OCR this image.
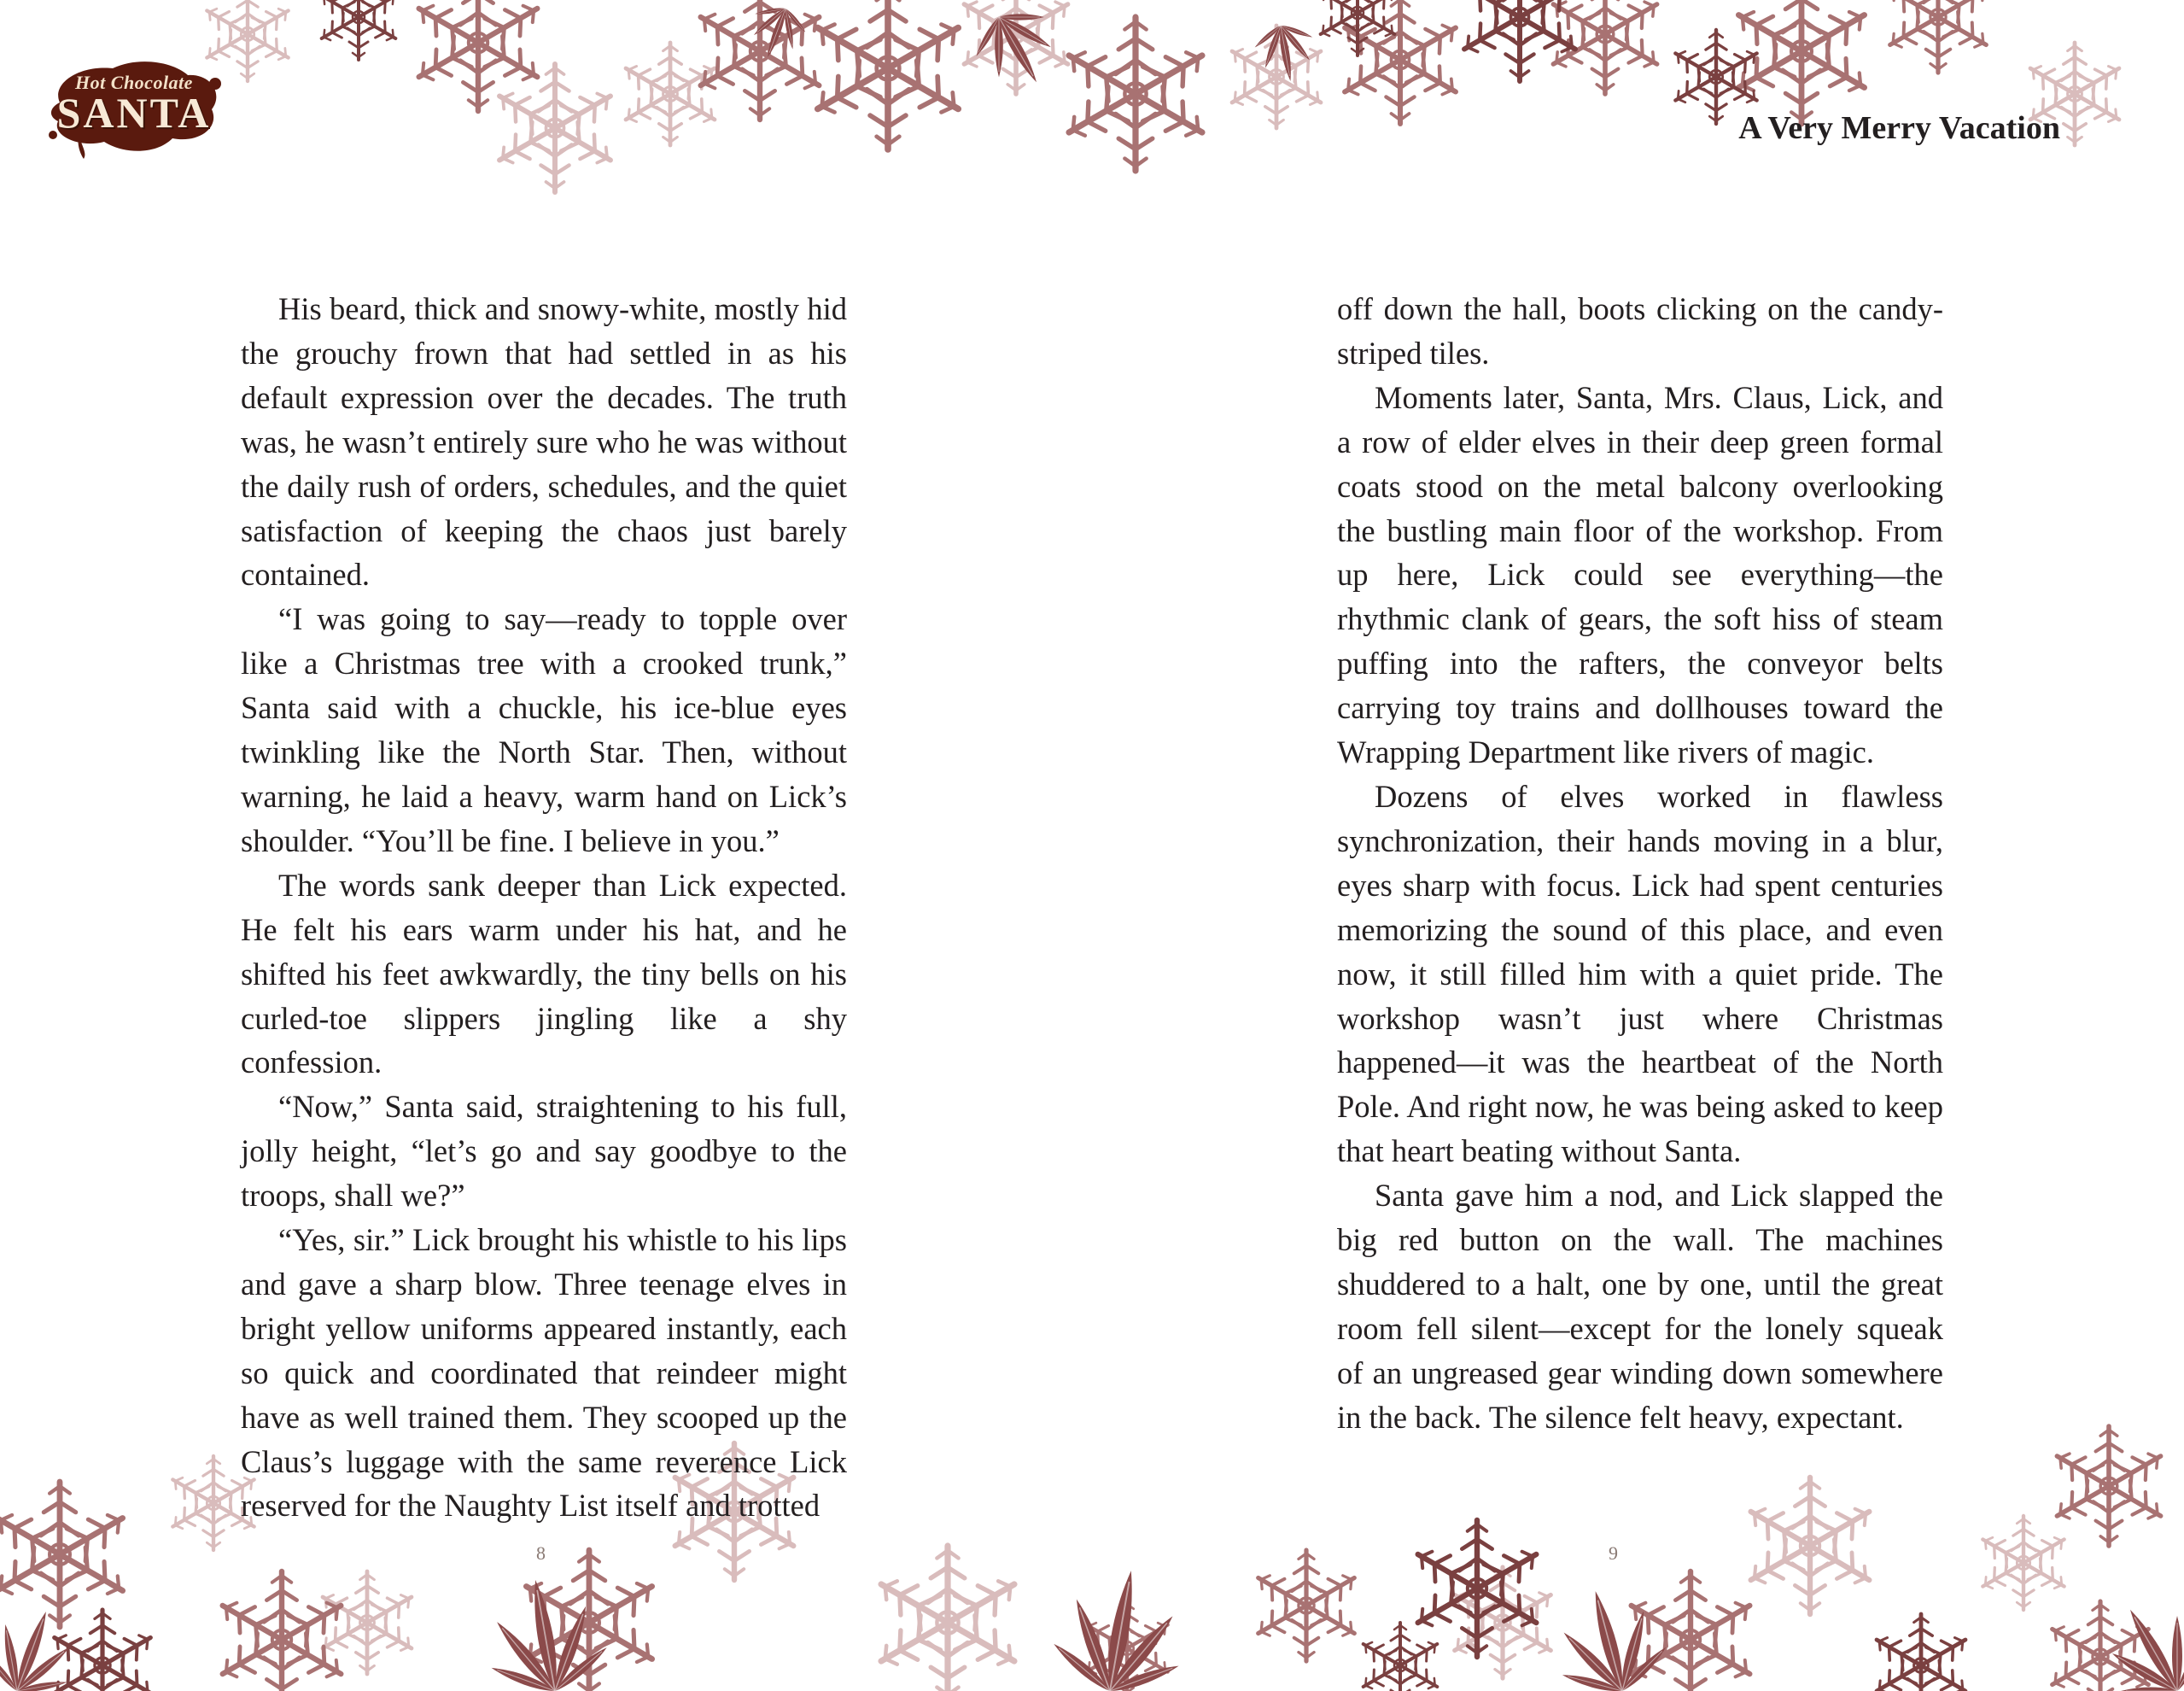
Hot Chocolate
SANTA	A Very Merry Vacation

His beard, thick and snowy-white, mostly hid the grouchy frown that had settled in as his default expression over the decades. The truth was, he wasn’t entirely sure who he was without the daily rush of orders, schedules, and the quiet satisfaction of keeping the chaos just barely contained.

“I was going to say—ready to topple over like a Christmas tree with a crooked trunk,” Santa said with a chuckle, his ice-blue eyes twinkling like the North Star. Then, without warning, he laid a heavy, warm hand on Lick’s shoulder. “You’ll be fine. I believe in you.”

The words sank deeper than Lick expected. He felt his ears warm under his hat, and he shifted his feet awkwardly, the tiny bells on his curled-toe slippers jingling like a shy confession.

“Now,” Santa said, straightening to his full, jolly height, “let’s go and say goodbye to the troops, shall we?”

“Yes, sir.” Lick brought his whistle to his lips and gave a sharp blow. Three teenage elves in bright yellow uniforms appeared instantly, each so quick and coordinated that reindeer might have as well trained them. They scooped up the Claus’s luggage with the same reverence Lick reserved for the Naughty List itself and trotted

off down the hall, boots clicking on the candy-striped tiles.

Moments later, Santa, Mrs. Claus, Lick, and a row of elder elves in their deep green formal coats stood on the metal balcony overlooking the bustling main floor of the workshop. From up here, Lick could see everything—the rhythmic clank of gears, the soft hiss of steam puffing into the rafters, the conveyor belts carrying toy trains and dollhouses toward the Wrapping Department like rivers of magic.

Dozens of elves worked in flawless synchronization, their hands moving in a blur, eyes sharp with focus. Lick had spent centuries memorizing the sound of this place, and even now, it still filled him with a quiet pride. The workshop wasn’t just where Christmas happened—it was the heartbeat of the North Pole. And right now, he was being asked to keep that heart beating without Santa.

Santa gave him a nod, and Lick slapped the big red button on the wall. The machines shuddered to a halt, one by one, until the great room fell silent—except for the lonely squeak of an ungreased gear winding down somewhere in the back. The silence felt heavy, expectant.

8	9
